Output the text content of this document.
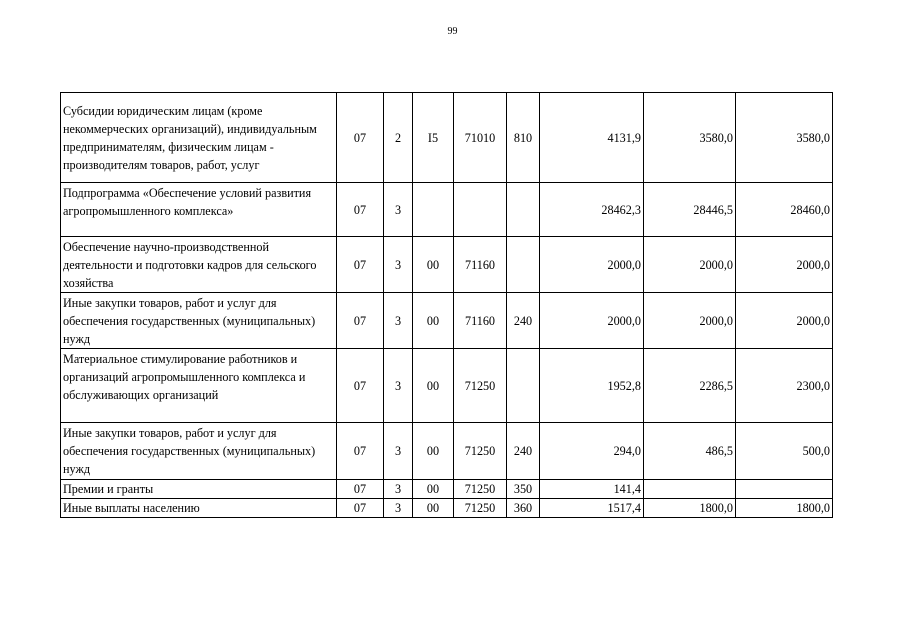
99
Субсидии юридическим лицам (кроме некоммерческих организаций), индивидуальным предпринимателям, физическим лицам - производителям товаров, работ, услуг	07	2	I5	71010	810	4131,9	3580,0	3580,0
Подпрограмма «Обеспечение условий развития агропромышленного комплекса»	07	3				28462,3	28446,5	28460,0
Обеспечение научно-производственной деятельности и подготовки кадров для сельского хозяйства	07	3	00	71160		2000,0	2000,0	2000,0
Иные закупки товаров, работ и услуг для обеспечения государственных (муниципальных) нужд	07	3	00	71160	240	2000,0	2000,0	2000,0
Материальное стимулирование работников и организаций агропромышленного комплекса и обслуживающих организаций	07	3	00	71250		1952,8	2286,5	2300,0
Иные закупки товаров, работ и услуг для обеспечения государственных (муниципальных) нужд	07	3	00	71250	240	294,0	486,5	500,0
Премии и гранты	07	3	00	71250	350	141,4		
Иные выплаты населению	07	3	00	71250	360	1517,4	1800,0	1800,0
